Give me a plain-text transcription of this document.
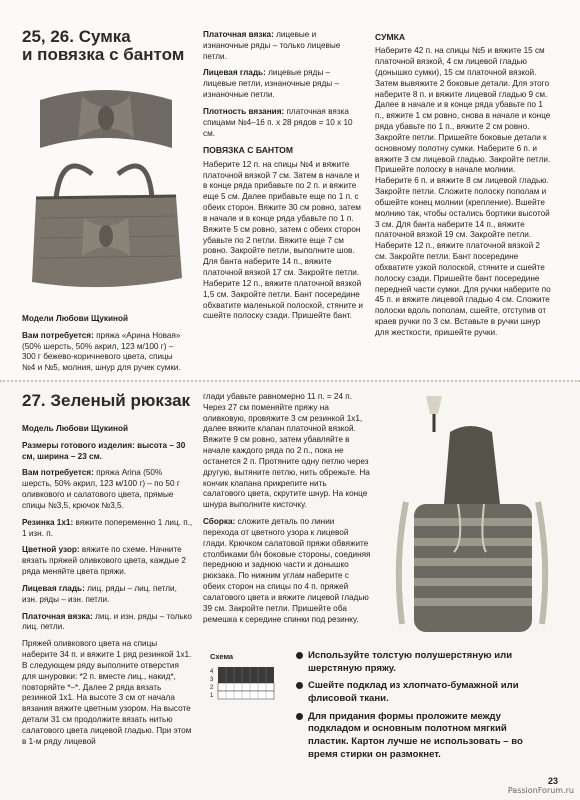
25, 26. Сумка
и повязка с бантом

Модели Любови Щукиной

Вам потребуется: пряжа «Арина Новая» (50% шерсть, 50% акрил, 123 м/100 г) – 300 г бежево-коричневого цвета, спицы №4 и №5, молния, шнур для ручек сумки.

Платочная вязка: лицевые и изнаночные ряды – только лицевые петли.

Лицевая гладь: лицевые ряды – лицевые петли, изнаночные ряды – изнаночные петли.

Плотность вязания: платочная вязка спицами №4–16 п. x 28 рядов = 10 x 10 см.

ПОВЯЗКА С БАНТОМ

Наберите 12 п. на спицы №4 и вяжите платочной вязкой 7 см. Затем в начале и в конце ряда прибавьте по 2 п. и вяжите еще 5 см. Далее прибавьте еще по 1 п. с обеих сторон. Вяжите 30 см ровно, затем в начале и в конце ряда убавьте по 1 п. Вяжите 5 см ровно, затем с обеих сторон убавьте по 2 петли. Вяжите еще 7 см ровно. Закройте петли, выполните шов. Для банта наберите 14 п., вяжите платочной вязкой 17 см. Закройте петли. Наберите 12 п., вяжите платочной вязкой 1,5 см. Закройте петли. Бант посередине обхватите маленькой полоской, стяните и сшейте полоску сзади. Пришейте бант.

СУМКА

Наберите 42 п. на спицы №5 и вяжите 15 см платочной вязкой, 4 см лицевой гладью (донышко сумки), 15 см платочной вязкой. Затем вывяжите 2 боковые детали. Для этого наберите 8 п. и вяжите лицевой гладью 9 см. Далее в начале и в конце ряда убавьте по 1 п., вяжите 1 см ровно, снова в начале и конце ряда убавьте по 1 п., вяжите 2 см ровно. Закройте петли. Пришейте боковые детали к основному полотну сумки. Наберите 6 п. и вяжите 3 см лицевой гладью. Закройте петли. Пришейте полоску в начале молнии. Наберите 6 п. и вяжите 8 см лицевой гладью. Закройте петли. Сложите полоску пополам и обшейте конец молнии (крепление). Вшейте молнию так, чтобы остались бортики высотой 3 см. Для банта наберите 14 п., вяжите платочной вязкой 19 см. Закройте петли. Наберите 12 п., вяжите платочной вязкой 2 см. Закройте петли. Бант посередине обхватите узкой полоской, стяните и сшейте полоску сзади. Пришейте бант посередине передней части сумки. Для ручки наберите по 45 п. и вяжите лицевой гладью 4 см. Сложите полоски вдоль пополам, сшейте, отступив от краев ручки по 3 см. Вставьте в ручки шнур для жесткости, пришейте ручки.

27. Зеленый рюкзак

Модель Любови Щукиной

Размеры готового изделия: высота – 30 см, ширина – 23 см.

Вам потребуется: пряжа Arina (50% шерсть, 50% акрил, 123 м/100 г) – по 50 г оливкового и салатового цвета, прямые спицы №3,5, крючок №3,5.

Резинка 1x1: вяжите попеременно 1 лиц. п., 1 изн. п.

Цветной узор: вяжите по схеме. Начните вязать пряжей оливкового цвета, каждые 2 ряда меняйте цвета пряжи.

Лицевая гладь: лиц. ряды – лиц. петли, изн. ряды – изн. петли.

Платочная вязка: лиц. и изн. ряды – только лиц. петли.

Пряжей оливкового цвета на спицы наберите 34 п. и вяжите 1 ряд резинкой 1x1. В следующем ряду выполните отверстия для шнуровки: *2 п. вместе лиц., накид*, повторяйте *–*. Далее 2 ряда вязать резинкой 1x1. На высоте 3 см от начала вязания вяжите цветным узором. На высоте детали 31 см продолжите вязать нитью салатового цвета лицевой гладью. При этом в 1-м ряду лицевой

глади убавьте равномерно 11 п. = 24 п. Через 27 см поменяйте пряжу на оливковую, провяжите 3 см резинкой 1x1, далее вяжите клапан платочной вязкой. Вяжите 9 см ровно, затем убавляйте в начале каждого ряда по 2 п., пока не останется 2 п. Протяните одну петлю через другую, вытяните петлю, нить обрежьте. На кончик клапана прикрепите нить салатового цвета, скрутите шнур. На конце шнура выполните кисточку.

Сборка: сложите деталь по линии перехода от цветного узора к лицевой глади. Крючком салатовой пряжи обвяжите столбиками б/н боковые стороны, соединяя переднюю и заднюю части и донышко рюкзака. По нижним углам наберите с обеих сторон на спицы по 4 п. пряжей салатового цвета и вяжите лицевой гладью 39 см. Закройте петли. Пришейте оба ремешка к середине спинки под резинку.

Схема
4
3
2
1
Используйте толстую полушерстяную или шерстяную пряжу.
Сшейте подклад из хлопчато-бумажной или флисовой ткани.
Для придания формы проложите между подкладом и основным полотном мягкий пластик. Картон лучше не использовать – во время стирки он размокнет.
23
PassionForum.ru
